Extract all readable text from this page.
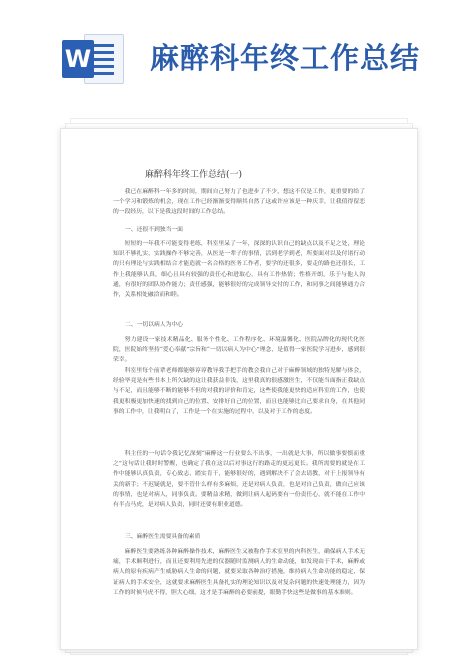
W 麻醉科年终工作总结
麻醉科年终工作总结(一)

我已在麻醉科一年多的时间，期间自己努力了也进步了不少，想这不仅是工作，更重要的给了一个学习和锻炼的机会，现在工作已经渐渐变得顺其自然了这或许应该是一种庆幸，让我值得留恋的一段经历，以下是我这段时间的工作总结。

一、还很不到独当一面

短短的一年我不可能变得老练，科室里呆了一年，深深的认识自己的缺点以及不足之处，理论知识不够扎实，实践操作不够完善，从医是一辈子的事情，活到老学到老，所要面对以及付诸行动的只有理论与实践相结合才能造就一名合格的医务工作者，要学的还很多，要走的路也还很长，工作上我能够认真，细心且具有较强的责任心和进取心，具有工作热情；性格开朗，乐于与他人沟通，有很好的团队协作能力；责任感强，能够很好的完成领导交付的工作，和同事之间能够通力合作，关系相处融洽而和睦。

二、一切以病人为中心

努力建设一家技术精品化、服务个性化、工作程序化、环境温馨化、医院品牌化的现代化医院，医院始终坚持“爱心奉献”宗旨和“一切以病人为中心”理念，是值得一家医院学习进步，感到很荣幸。

科室里每个前辈老师都能够谆谆教导我手把手的教会我自己对于麻醉领域的独特见解与体会，经验毕竟是有些书本上所欠缺的这让我获益非浅，这里我真的很感激医生，不仅能当面指正我缺点与不足，而且能够不断的能够不但的对我的评价和肯定，这些使我能更快的适应科室的工作，也使我更积极更加快速的找到自己的位置、安排好自己的位置，而且也能够比自己要求自身，在其他同事的工作中，让我明白了，工作是一个在实施的过程中，以及对于工作的态度。

科主任的一句话令我记忆深刻“麻醉这一行业要么不出事，一出就是大事，所以做事要慎而重之”这句话让我时时警醒，也确定了我在这以后对事这行的路走的更远更长。我所需要的就是在工作中能够认真负责，专心致志，踏实肯干，能够很好的，遇到解决不了会去请教，对于上报领导有关的新手；不迟疑就是，要不管什么样有多麻烦，还是对病人负责，也是对自己负责，做自己应该的事情，也是对病人，同事负责。要精益求精，做到让病人起码要有一份责任心，就不能在工作中有半点马虎，是对病人负责，同时还要有职业道德。

三、麻醉医生需要具备的素质

麻醉医生要熟练各种麻醉操作技术，麻醉医生又被称作手术室里的内科医生，确保病人手术无痛，手术顺利进行，而且还要利用先进的仪器随时监测病人的生命动能，如发现由于手术，麻醉或病人的原有疾病产生威胁病人生命的问题，就要采取各种治疗措施，维持病人生命功能的稳定，保证病人的手术安全，这就要求麻醉医生具备扎实的理论知识以及对复杂问题的快速处理能力，因为工作的时候马虎不得，胆大心细，这才是手麻醉的必要前提，眼勤手快这些是做事的基本准则。
